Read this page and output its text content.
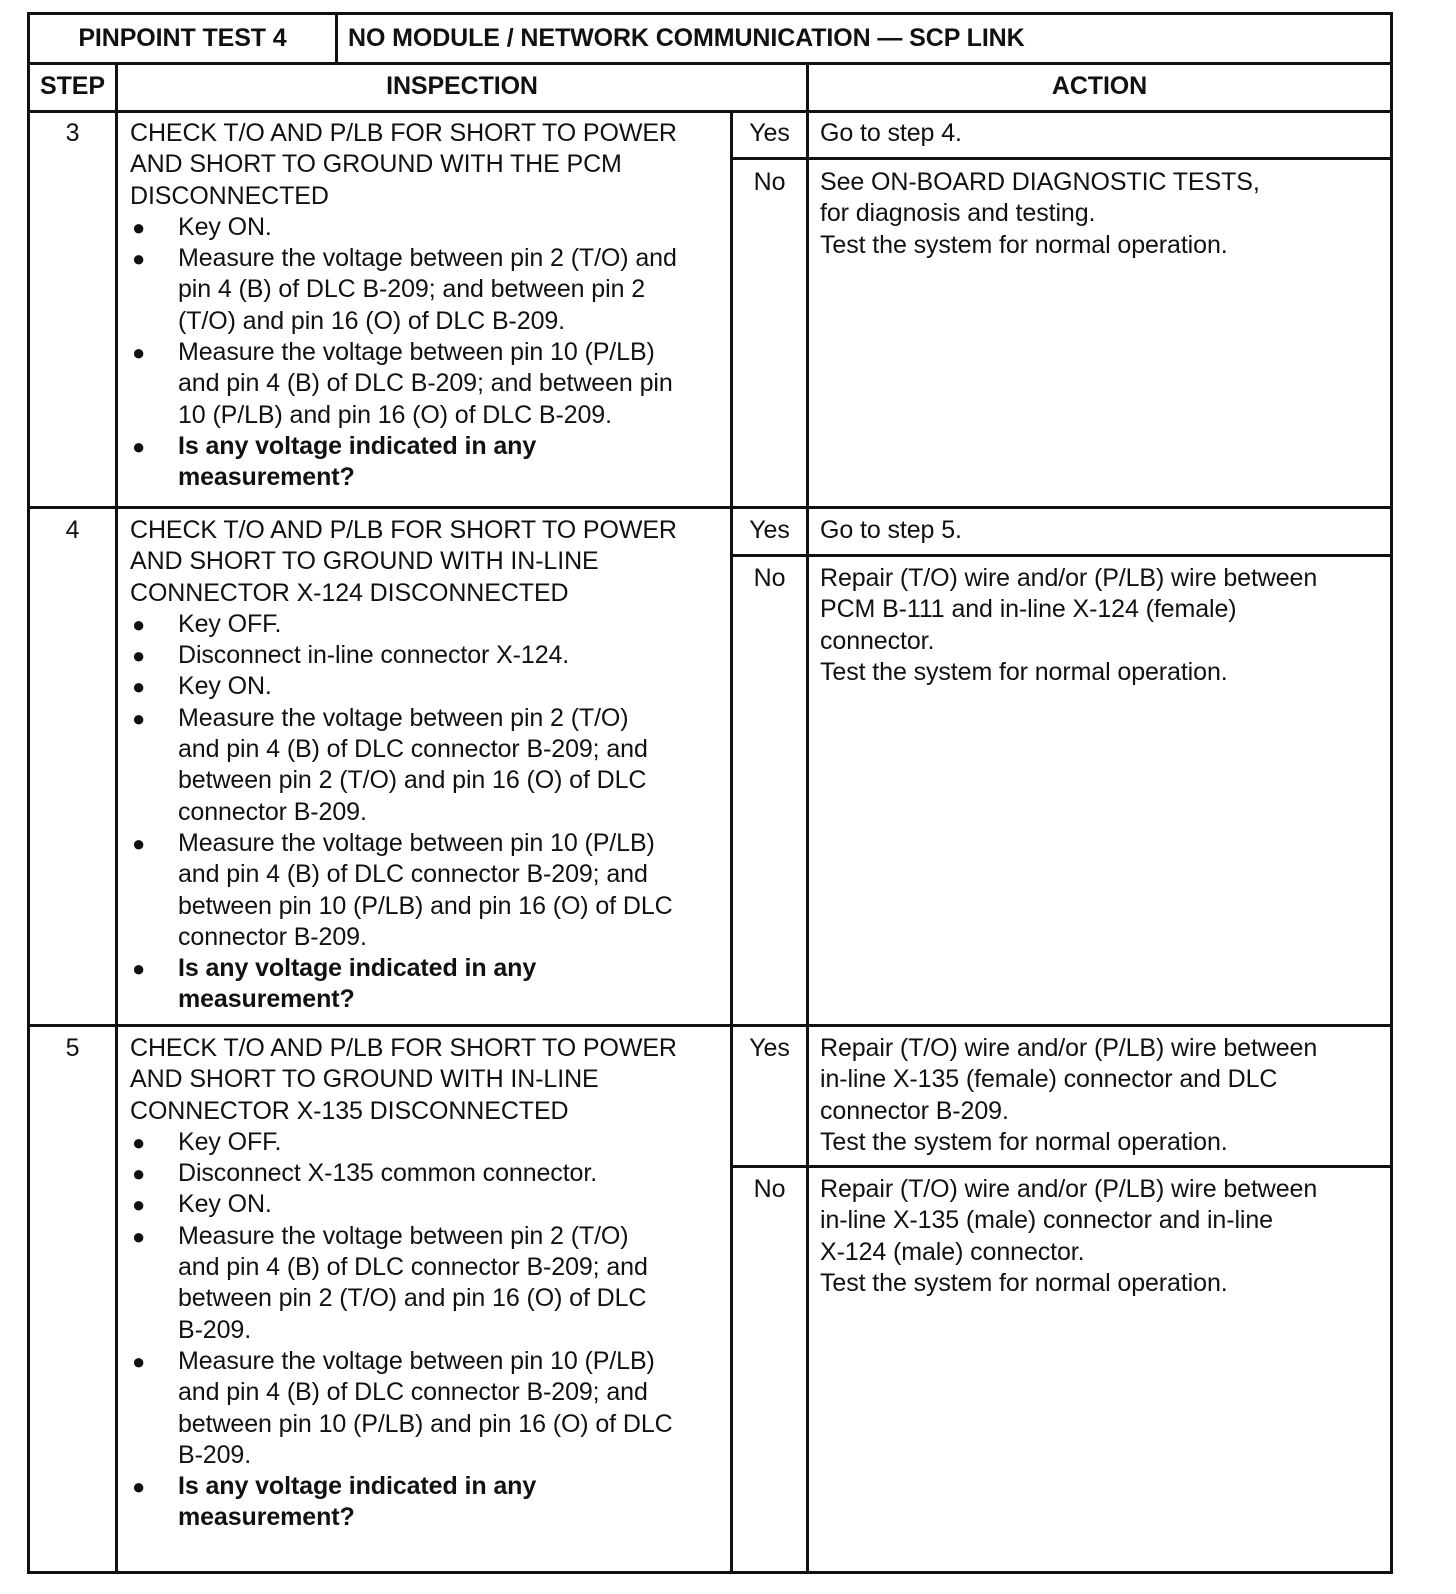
PINPOINT TEST 4	NO MODULE / NETWORK COMMUNICATION — SCP LINK
STEP	INSPECTION	ACTION
3	CHECK T/O AND P/LB FOR SHORT TO POWER
AND SHORT TO GROUND WITH THE PCM
DISCONNECTED
● Key ON.
● Measure the voltage between pin 2 (T/O) and
pin 4 (B) of DLC B-209; and between pin 2
(T/O) and pin 16 (O) of DLC B-209.
● Measure the voltage between pin 10 (P/LB)
and pin 4 (B) of DLC B-209; and between pin
10 (P/LB) and pin 16 (O) of DLC B-209.
● Is any voltage indicated in any
measurement?
Yes	Go to step 4.
No	See ON-BOARD DIAGNOSTIC TESTS,
for diagnosis and testing.
Test the system for normal operation.
4	CHECK T/O AND P/LB FOR SHORT TO POWER
AND SHORT TO GROUND WITH IN-LINE
CONNECTOR X-124 DISCONNECTED
● Key OFF.
● Disconnect in-line connector X-124.
● Key ON.
● Measure the voltage between pin 2 (T/O)
and pin 4 (B) of DLC connector B-209; and
between pin 2 (T/O) and pin 16 (O) of DLC
connector B-209.
● Measure the voltage between pin 10 (P/LB)
and pin 4 (B) of DLC connector B-209; and
between pin 10 (P/LB) and pin 16 (O) of DLC
connector B-209.
● Is any voltage indicated in any
measurement?
Yes	Go to step 5.
No	Repair (T/O) wire and/or (P/LB) wire between
PCM B-111 and in-line X-124 (female)
connector.
Test the system for normal operation.
5	CHECK T/O AND P/LB FOR SHORT TO POWER
AND SHORT TO GROUND WITH IN-LINE
CONNECTOR X-135 DISCONNECTED
● Key OFF.
● Disconnect X-135 common connector.
● Key ON.
● Measure the voltage between pin 2 (T/O)
and pin 4 (B) of DLC connector B-209; and
between pin 2 (T/O) and pin 16 (O) of DLC
B-209.
● Measure the voltage between pin 10 (P/LB)
and pin 4 (B) of DLC connector B-209; and
between pin 10 (P/LB) and pin 16 (O) of DLC
B-209.
● Is any voltage indicated in any
measurement?
Yes	Repair (T/O) wire and/or (P/LB) wire between
in-line X-135 (female) connector and DLC
connector B-209.
Test the system for normal operation.
No	Repair (T/O) wire and/or (P/LB) wire between
in-line X-135 (male) connector and in-line
X-124 (male) connector.
Test the system for normal operation.
